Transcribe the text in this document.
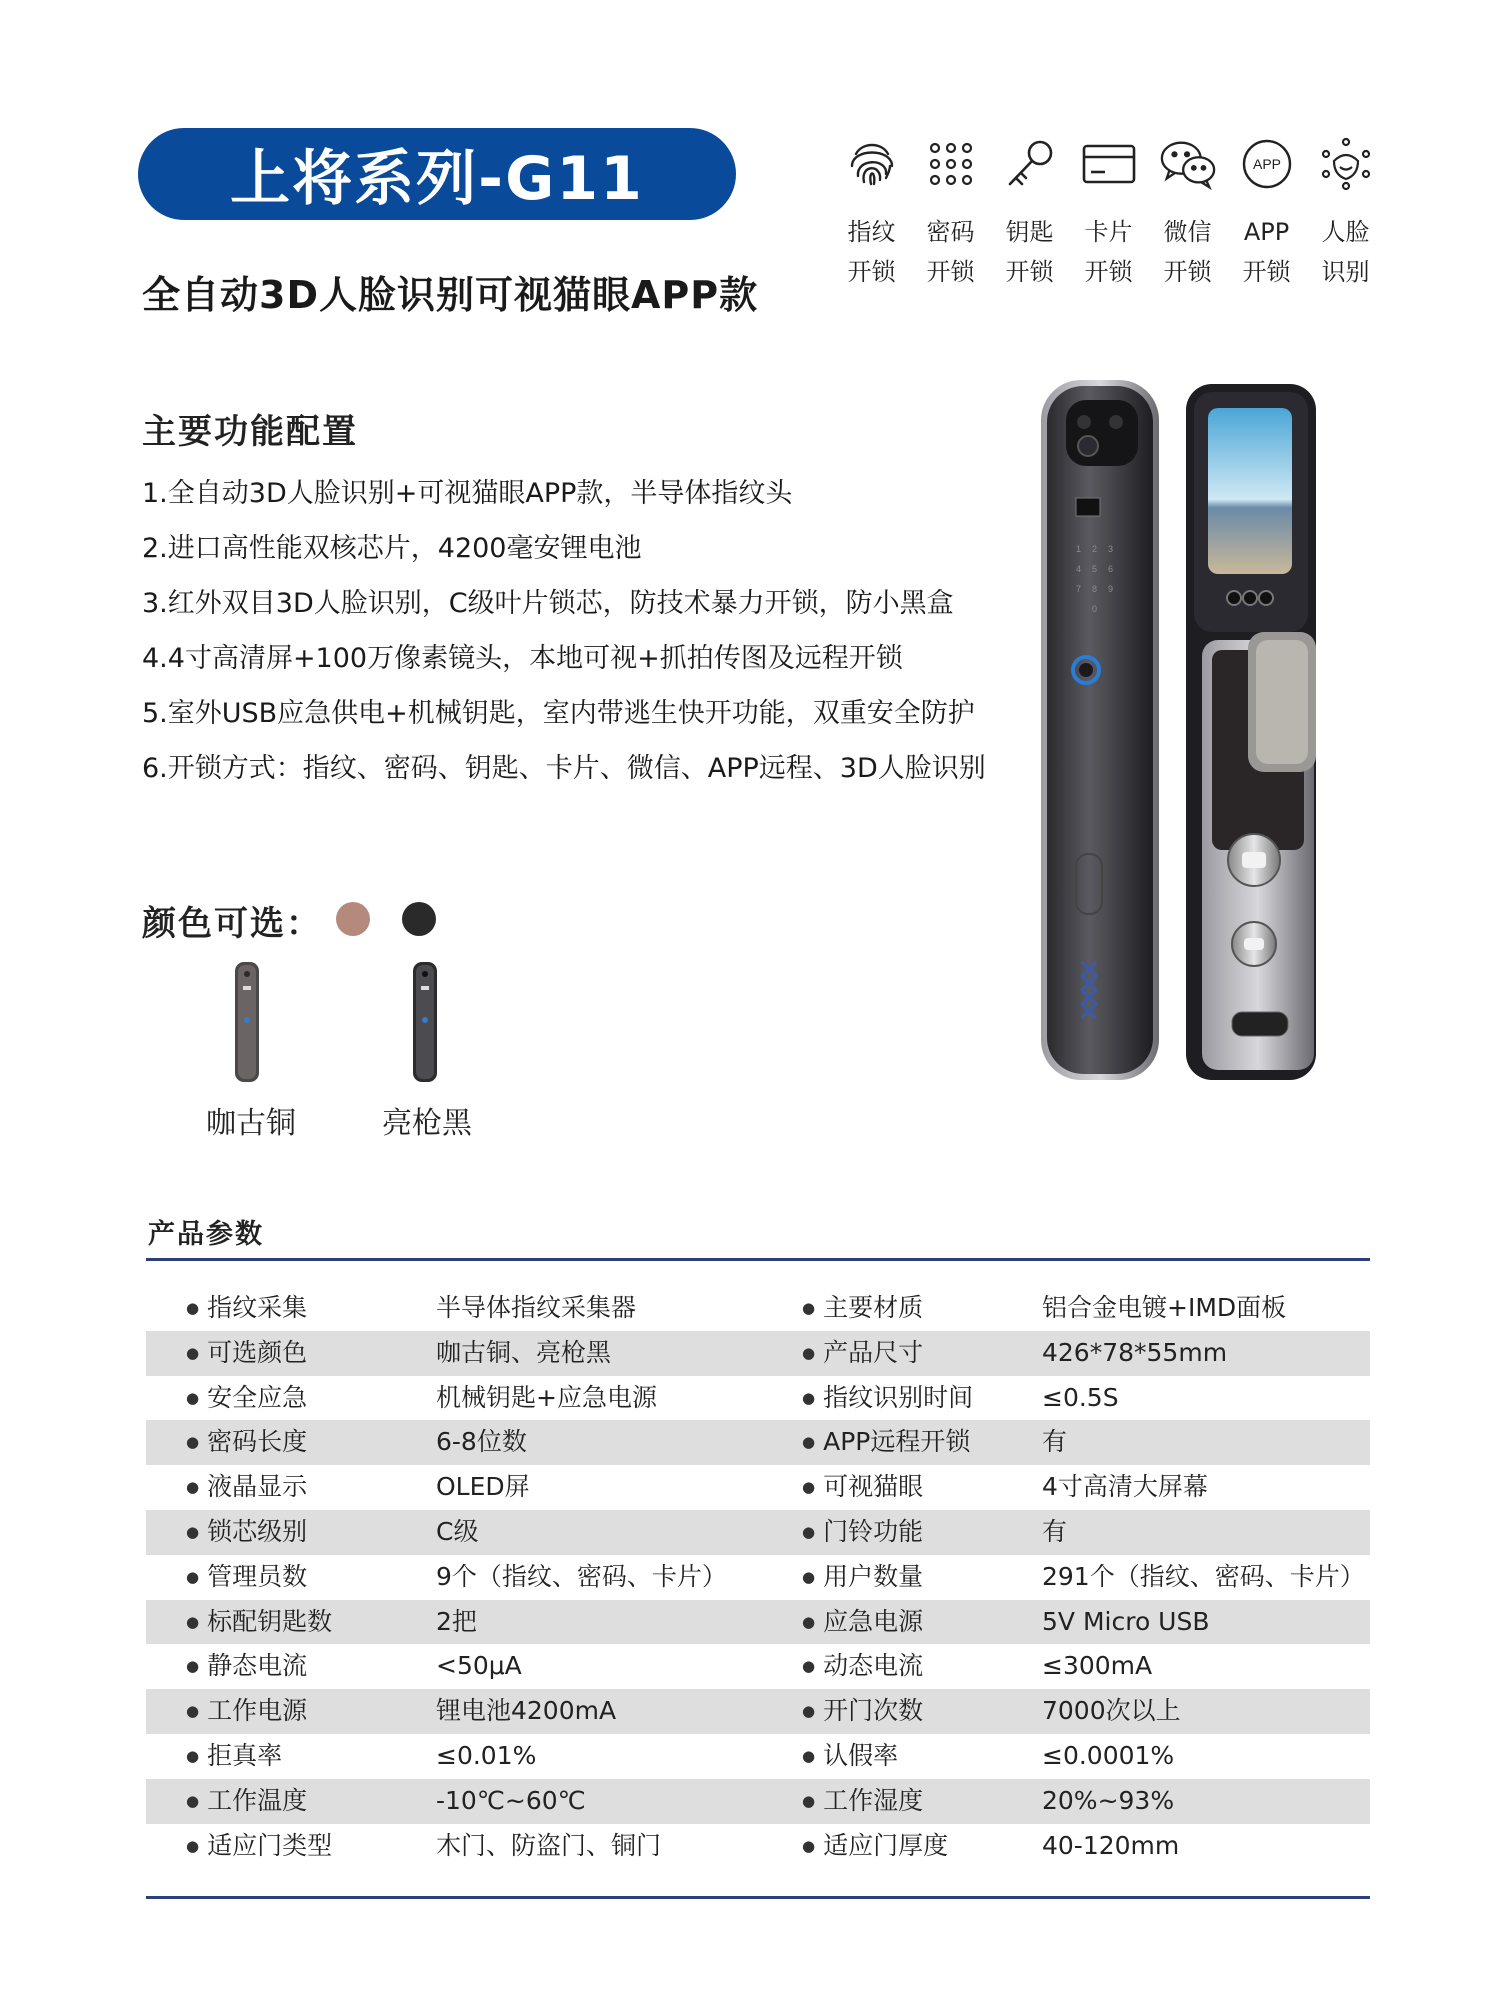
上将系列-G11
全自动3D人脸识别可视猫眼APP款
指纹
开锁
密码
开锁
钥匙
开锁
卡片
开锁
微信
开锁
APP
APP
开锁
人脸
识别
主要功能配置
1.全自动3D人脸识别+可视猫眼APP款，半导体指纹头
2.进口高性能双核芯片，4200毫安锂电池
3.红外双目3D人脸识别，C级叶片锁芯，防技术暴力开锁，防小黑盒
4.4寸高清屏+100万像素镜头，本地可视+抓拍传图及远程开锁
5.室外USB应急供电+机械钥匙，室内带逃生快开功能，双重安全防护
6.开锁方式：指纹、密码、钥匙、卡片、微信、APP远程、3D人脸识别
颜色可选：
咖古铜	亮枪黑
1 2 3
4 5 6
7 8 9
0
产品参数
● 指纹采集	半导体指纹采集器	● 主要材质	铝合金电镀+IMD面板
● 可选颜色	咖古铜、亮枪黑	● 产品尺寸	426*78*55mm
● 安全应急	机械钥匙+应急电源	● 指纹识别时间	≤0.5S
● 密码长度	6-8位数	● APP远程开锁	有
● 液晶显示	OLED屏	● 可视猫眼	4寸高清大屏幕
● 锁芯级别	C级	● 门铃功能	有
● 管理员数	9个（指纹、密码、卡片）	● 用户数量	291个（指纹、密码、卡片）
● 标配钥匙数	2把	● 应急电源	5V Micro USB
● 静态电流	<50μA	● 动态电流	≤300mA
● 工作电源	锂电池4200mA	● 开门次数	7000次以上
● 拒真率	≤0.01%	● 认假率	≤0.0001%
● 工作温度	-10℃~60℃	● 工作湿度	20%~93%
● 适应门类型	木门、防盗门、铜门	● 适应门厚度	40-120mm
